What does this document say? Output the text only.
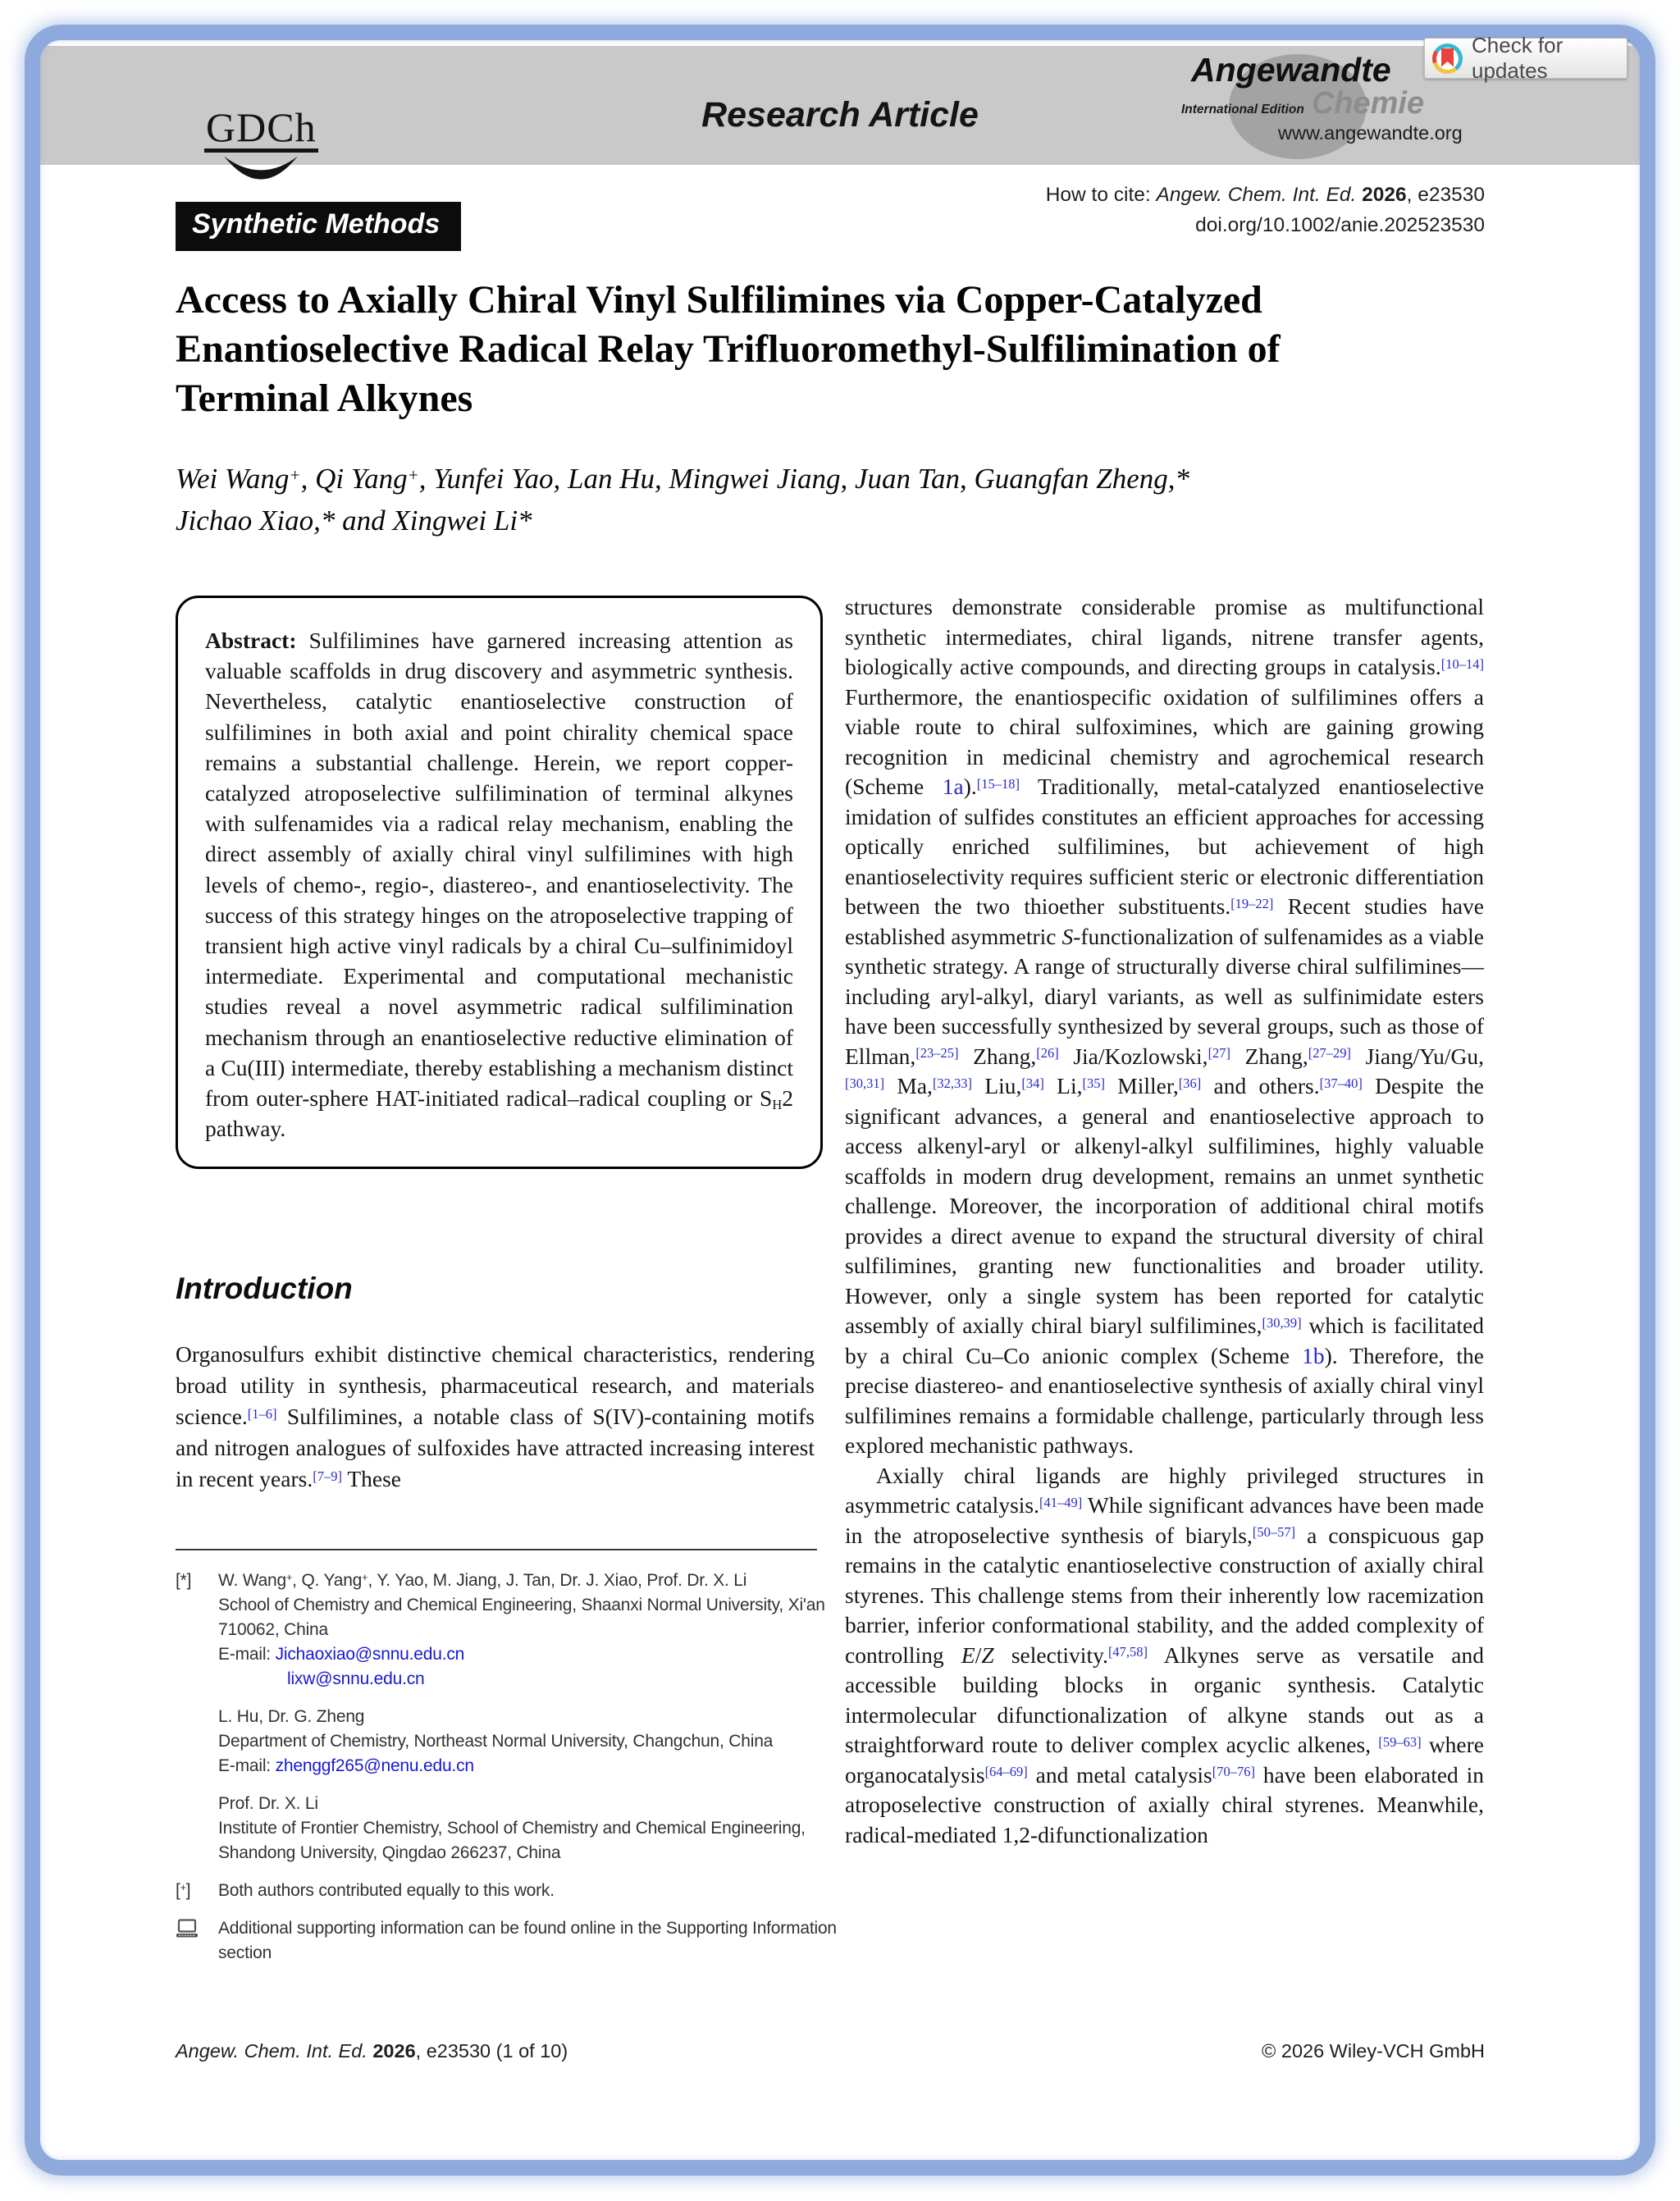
GDCh	Research Article
Angewandte
International Edition Chemie
www.angewandte.org
Check for updates
How to cite: Angew. Chem. Int. Ed. 2026, e23530
doi.org/10.1002/anie.202523530
Synthetic Methods
Access to Axially Chiral Vinyl Sulfilimines via Copper-Catalyzed
Enantioselective Radical Relay Trifluoromethyl-Sulfilimination of
Terminal Alkynes
Wei Wang+, Qi Yang+, Yunfei Yao, Lan Hu, Mingwei Jiang, Juan Tan, Guangfan Zheng,*
Jichao Xiao,* and Xingwei Li*
Abstract: Sulfilimines have garnered increasing attention as valuable scaffolds in drug discovery and asymmetric synthesis. Nevertheless, catalytic enantioselective construction of sulfilimines in both axial and point chirality chemical space remains a substantial challenge. Herein, we report copper-catalyzed atroposelective sulfilimination of terminal alkynes with sulfenamides via a radical relay mechanism, enabling the direct assembly of axially chiral vinyl sulfilimines with high levels of chemo-, regio-, diastereo-, and enantioselectivity. The success of this strategy hinges on the atroposelective trapping of transient high active vinyl radicals by a chiral Cu–sulfinimidoyl intermediate. Experimental and computational mechanistic studies reveal a novel asymmetric radical sulfilimination mechanism through an enantioselective reductive elimination of a Cu(III) intermediate, thereby establishing a mechanism distinct from outer-sphere HAT-initiated radical–radical coupling or SH2 pathway.

structures demonstrate considerable promise as multifunctional synthetic intermediates, chiral ligands, nitrene transfer agents, biologically active compounds, and directing groups in catalysis.[10–14] Furthermore, the enantiospecific oxidation of sulfilimines offers a viable route to chiral sulfoximines, which are gaining growing recognition in medicinal chemistry and agrochemical research (Scheme 1a).[15–18] Traditionally, metal-catalyzed enantioselective imidation of sulfides constitutes an efficient approaches for accessing optically enriched sulfilimines, but achievement of high enantioselectivity requires sufficient steric or electronic differentiation between the two thioether substituents.[19–22] Recent studies have established asymmetric S-functionalization of sulfenamides as a viable synthetic strategy. A range of structurally diverse chiral sulfilimines—including aryl-alkyl, diaryl variants, as well as sulfinimidate esters have been successfully synthesized by several groups, such as those of Ellman,[23–25] Zhang,[26] Jia/Kozlowski,[27] Zhang,[27–29] Jiang/Yu/Gu,[30,31] Ma,[32,33] Liu,[34] Li,[35] Miller,[36] and others.[37–40] Despite the significant advances, a general and enantioselective approach to access alkenyl-aryl or alkenyl-alkyl sulfilimines, highly valuable scaffolds in modern drug development, remains an unmet synthetic challenge. Moreover, the incorporation of additional chiral motifs provides a direct avenue to expand the structural diversity of chiral sulfilimines, granting new functionalities and broader utility. However, only a single system has been reported for catalytic assembly of axially chiral biaryl sulfilimines,[30,39] which is facilitated by a chiral Cu–Co anionic complex (Scheme 1b). Therefore, the precise diastereo- and enantioselective synthesis of axially chiral vinyl sulfilimines remains a formidable challenge, particularly through less explored mechanistic pathways.

Axially chiral ligands are highly privileged structures in asymmetric catalysis.[41–49] While significant advances have been made in the atroposelective synthesis of biaryls,[50–57] a conspicuous gap remains in the catalytic enantioselective construction of axially chiral styrenes. This challenge stems from their inherently low racemization barrier, inferior conformational stability, and the added complexity of controlling E/Z selectivity.[47,58] Alkynes serve as versatile and accessible building blocks in organic synthesis. Catalytic intermolecular difunctionalization of alkyne stands out as a straightforward route to deliver complex acyclic alkenes, [59–63] where organocatalysis[64–69] and metal catalysis[70–76] have been elaborated in atroposelective construction of axially chiral styrenes. Meanwhile, radical-mediated 1,2-difunctionalization

Introduction
Organosulfurs exhibit distinctive chemical characteristics, rendering broad utility in synthesis, pharmaceutical research, and materials science.[1–6] Sulfilimines, a notable class of S(IV)-containing motifs and nitrogen analogues of sulfoxides have attracted increasing interest in recent years.[7–9] These
[*]	W. Wang+, Q. Yang+, Y. Yao, M. Jiang, J. Tan, Dr. J. Xiao, Prof. Dr. X. Li
School of Chemistry and Chemical Engineering, Shaanxi Normal University, Xi'an 710062, China
E-mail: Jichaoxiao@snnu.edu.cn
lixw@snnu.edu.cn
L. Hu, Dr. G. Zheng
Department of Chemistry, Northeast Normal University, Changchun, China
E-mail: zhenggf265@nenu.edu.cn
Prof. Dr. X. Li
Institute of Frontier Chemistry, School of Chemistry and Chemical Engineering, Shandong University, Qingdao 266237, China
[+]	Both authors contributed equally to this work.
Additional supporting information can be found online in the Supporting Information section
Angew. Chem. Int. Ed. 2026, e23530 (1 of 10)	© 2026 Wiley-VCH GmbH
